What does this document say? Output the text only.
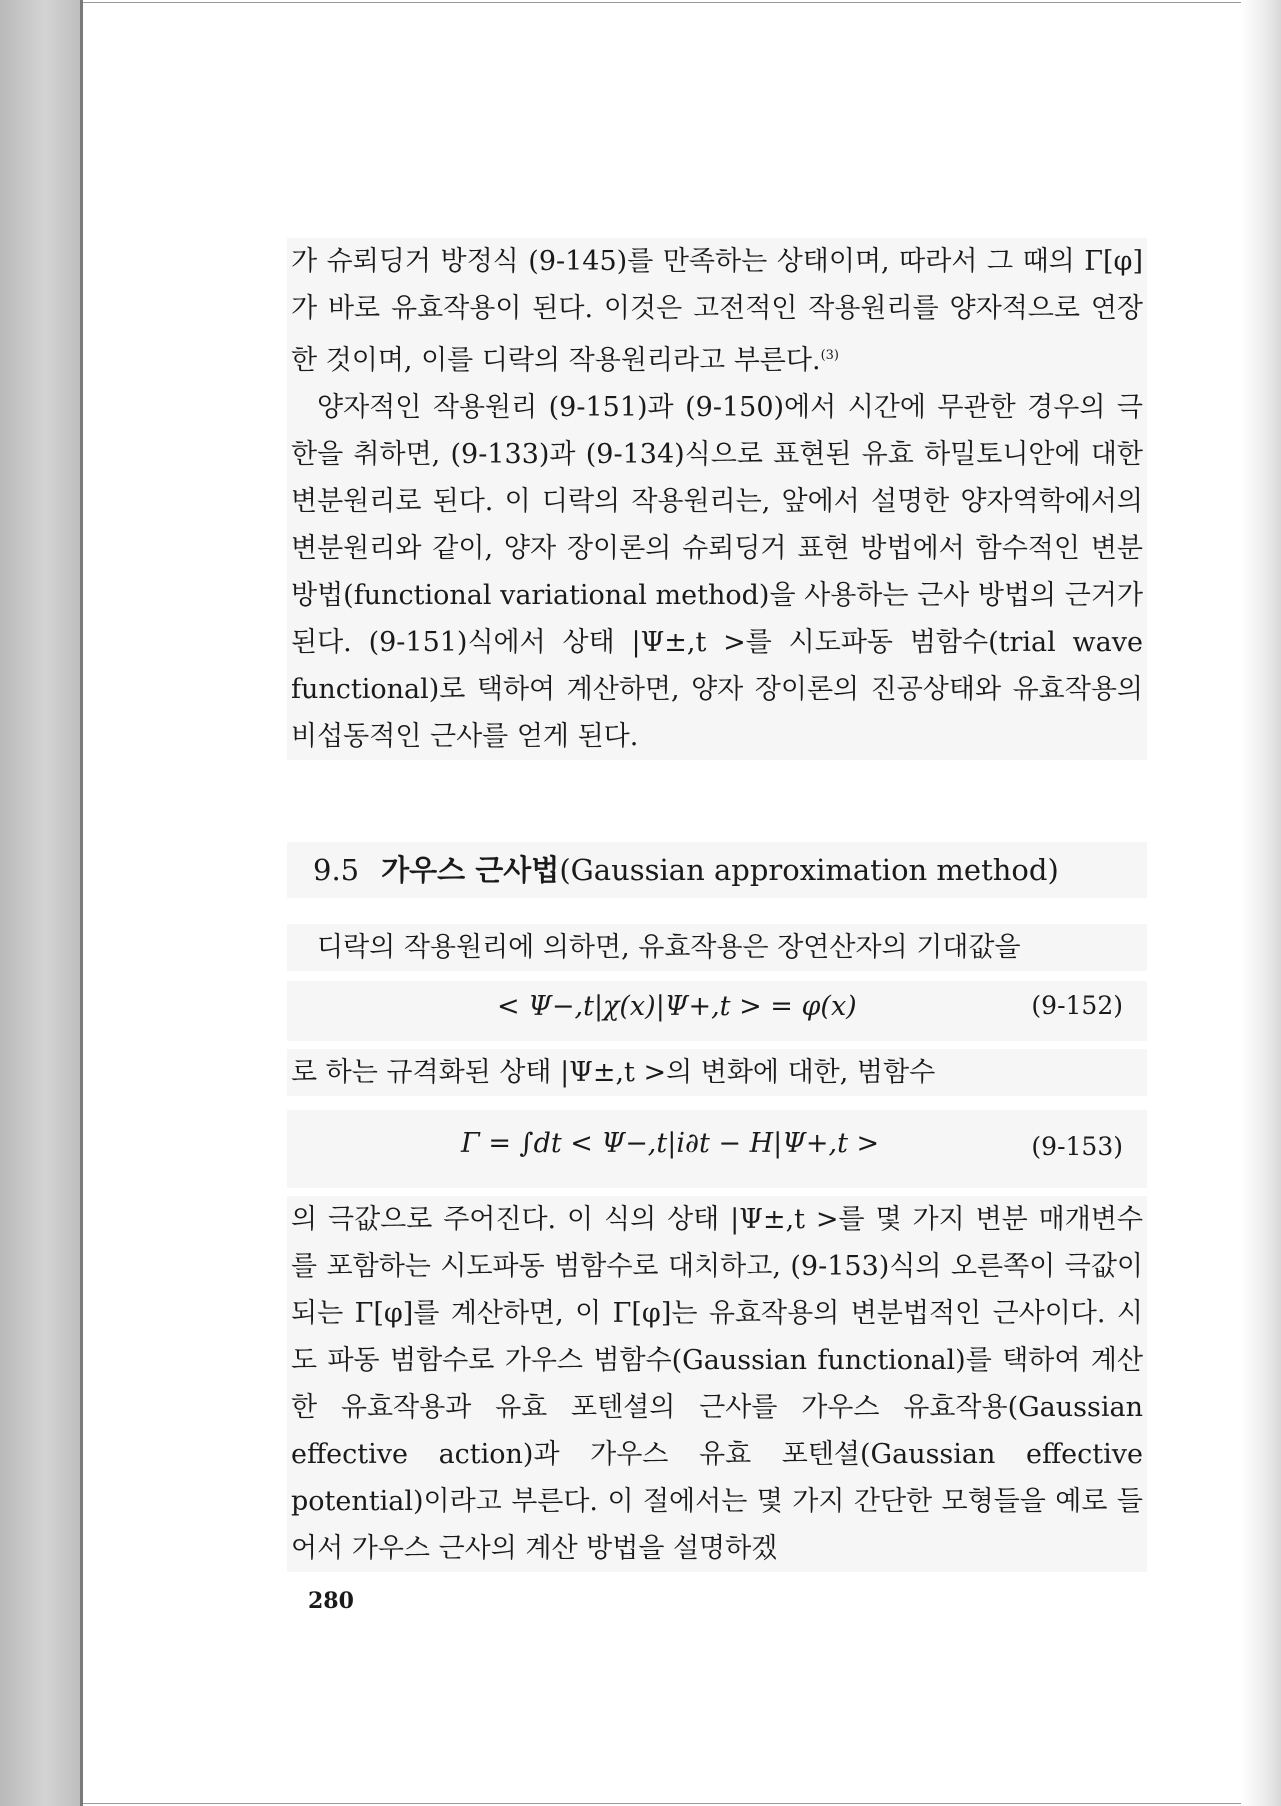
가 슈뢰딩거 방정식 (9-145)를 만족하는 상태이며, 따라서 그 때의 Γ[φ]가 바로 유효작용이 된다. 이것은 고전적인 작용원리를 양자적으로 연장한 것이며, 이를 디락의 작용원리라고 부른다.$^{(3)}$

양자적인 작용원리 (9-151)과 (9-150)에서 시간에 무관한 경우의 극한을 취하면, (9-133)과 (9-134)식으로 표현된 유효 하밀토니안에 대한 변분원리로 된다. 이 디락의 작용원리는, 앞에서 설명한 양자역학에서의 변분원리와 같이, 양자 장이론의 슈뢰딩거 표현 방법에서 함수적인 변분 방법(functional variational method)을 사용하는 근사 방법의 근거가 된다. (9-151)식에서 상태 |Ψ±,t >를 시도파동 범함수(trial wave functional)로 택하여 계산하면, 양자 장이론의 진공상태와 유효작용의 비섭동적인 근사를 얻게 된다.

9.5 가우스 근사법(Gaussian approximation method)

디락의 작용원리에 의하면, 유효작용은 장연산자의 기대값을

< Ψ−,t|χ(x)|Ψ+,t > = φ(x)	(9-152)

로 하는 규격화된 상태 |Ψ±,t >의 변화에 대한, 범함수

Γ = ∫dt < Ψ−,t|i∂t − H|Ψ+,t >	(9-153)

의 극값으로 주어진다. 이 식의 상태 |Ψ±,t >를 몇 가지 변분 매개변수를 포함하는 시도파동 범함수로 대치하고, (9-153)식의 오른쪽이 극값이 되는 Γ[φ]를 계산하면, 이 Γ[φ]는 유효작용의 변분법적인 근사이다. 시도 파동 범함수로 가우스 범함수(Gaussian functional)를 택하여 계산한 유효작용과 유효 포텐셜의 근사를 가우스 유효작용(Gaussian effective action)과 가우스 유효 포텐셜(Gaussian effective potential)이라고 부른다. 이 절에서는 몇 가지 간단한 모형들을 예로 들어서 가우스 근사의 계산 방법을 설명하겠

280
